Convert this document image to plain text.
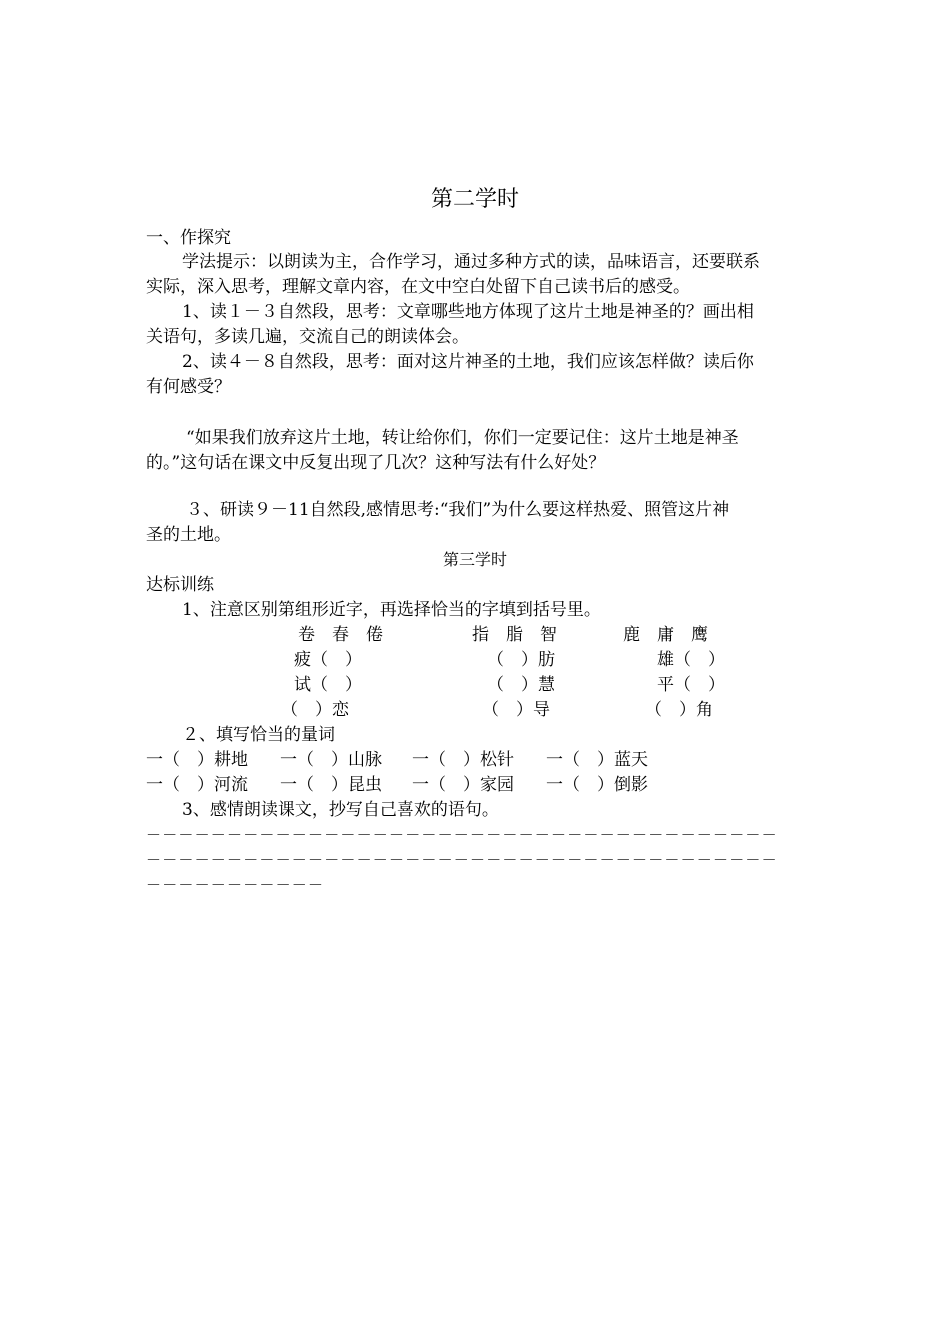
第二学时
一、作探究
学法提示：以朗读为主，合作学习，通过多种方式的读，品味语言，还要联系
实际，深入思考，理解文章内容，在文中空白处留下自己读书后的感受。
1、读１－３自然段，思考：文章哪些地方体现了这片土地是神圣的？画出相
关语句，多读几遍，交流自己的朗读体会。
2、读４－８自然段，思考：面对这片神圣的土地，我们应该怎样做？读后你
有何感受？
“如果我们放弃这片土地，转让给你们，你们一定要记住：这片土地是神圣
的。”这句话在课文中反复出现了几次？这种写法有什么好处？
３、研读９－11自然段,感情思考:“我们”为什么要这样热爱、照管这片神
圣的土地。
第三学时
达标训练
1、注意区别第组形近字，再选择恰当的字填到括号里。
卷　春　倦	指　脂　智	鹿　庸　鹰
疲（　）	（　）肪	雄（　）
试（　）	（　）慧	平（　）
（　）恋	（　）导	（　）角
２、填写恰当的量词
一（　）耕地 一（　）山脉 一（　）松针 一（　）蓝天
一（　）河流 一（　）昆虫 一（　）家园 一（　）倒影
3、感情朗读课文，抄写自己喜欢的语句。
－－－－－－－－－－－－－－－－－－－－－－－－－－－－－－－－－－－－－－－
－－－－－－－－－－－－－－－－－－－－－－－－－－－－－－－－－－－－－－－
－－－－－－－－－－－
